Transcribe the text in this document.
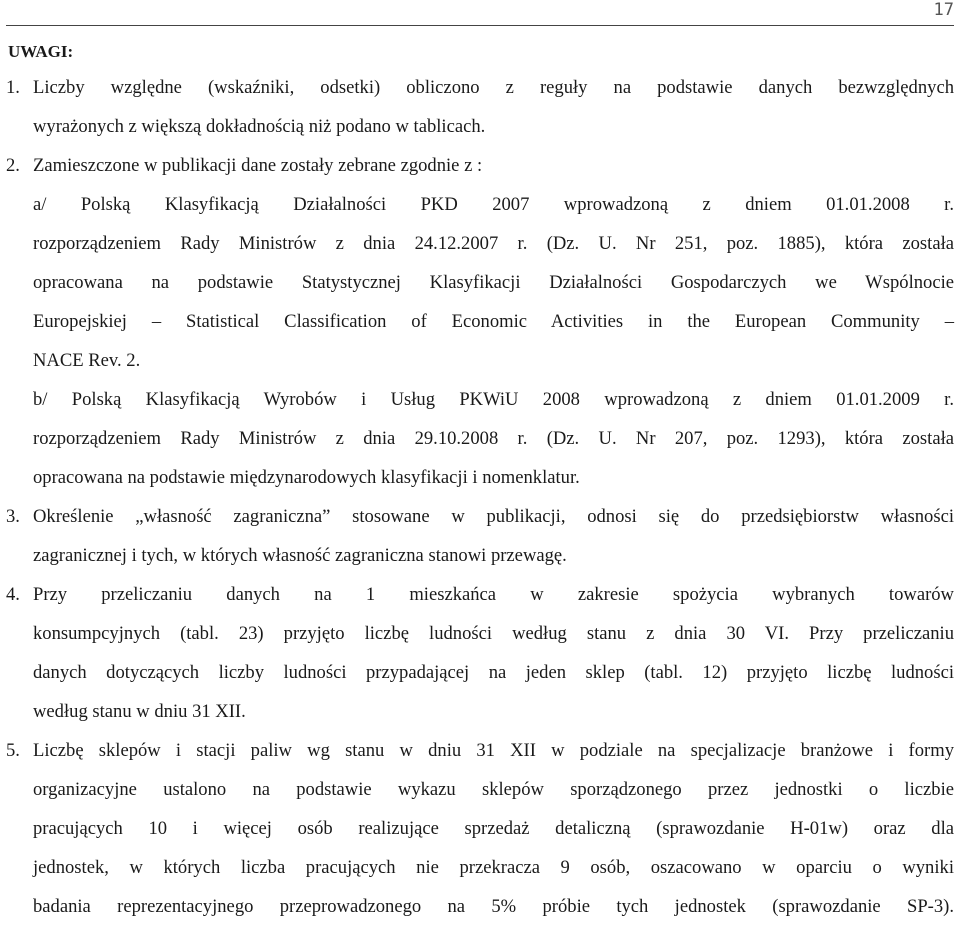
17
UWAGI:
1. Liczby względne (wskaźniki, odsetki) obliczono z reguły na podstawie danych bezwzględnych
wyrażonych z większą dokładnością niż podano w tablicach.
2. Zamieszczone w publikacji dane zostały zebrane zgodnie z :
a/ Polską Klasyfikacją Działalności PKD 2007 wprowadzoną z dniem 01.01.2008 r.
rozporządzeniem Rady Ministrów z dnia 24.12.2007 r. (Dz. U. Nr 251, poz. 1885), która została
opracowana na podstawie Statystycznej Klasyfikacji Działalności Gospodarczych we Wspólnocie
Europejskiej – Statistical Classification of Economic Activities in the European Community –
NACE Rev. 2.
b/ Polską Klasyfikacją Wyrobów i Usług PKWiU 2008 wprowadzoną z dniem 01.01.2009 r.
rozporządzeniem Rady Ministrów z dnia 29.10.2008 r. (Dz. U. Nr 207, poz. 1293), która została
opracowana na podstawie międzynarodowych klasyfikacji i nomenklatur.
3. Określenie „własność zagraniczna” stosowane w publikacji, odnosi się do przedsiębiorstw własności
zagranicznej i tych, w których własność zagraniczna stanowi przewagę.
4. Przy przeliczaniu danych na 1 mieszkańca w zakresie spożycia wybranych towarów
konsumpcyjnych (tabl. 23) przyjęto liczbę ludności według stanu z dnia 30 VI. Przy przeliczaniu
danych dotyczących liczby ludności przypadającej na jeden sklep (tabl. 12) przyjęto liczbę ludności
według stanu w dniu 31 XII.
5. Liczbę sklepów i stacji paliw wg stanu w dniu 31 XII w podziale na specjalizacje branżowe i formy
organizacyjne ustalono na podstawie wykazu sklepów sporządzonego przez jednostki o liczbie
pracujących 10 i więcej osób realizujące sprzedaż detaliczną (sprawozdanie H-01w) oraz dla
jednostek, w których liczba pracujących nie przekracza 9 osób, oszacowano w oparciu o wyniki
badania reprezentacyjnego przeprowadzonego na 5% próbie tych jednostek (sprawozdanie SP-3).
